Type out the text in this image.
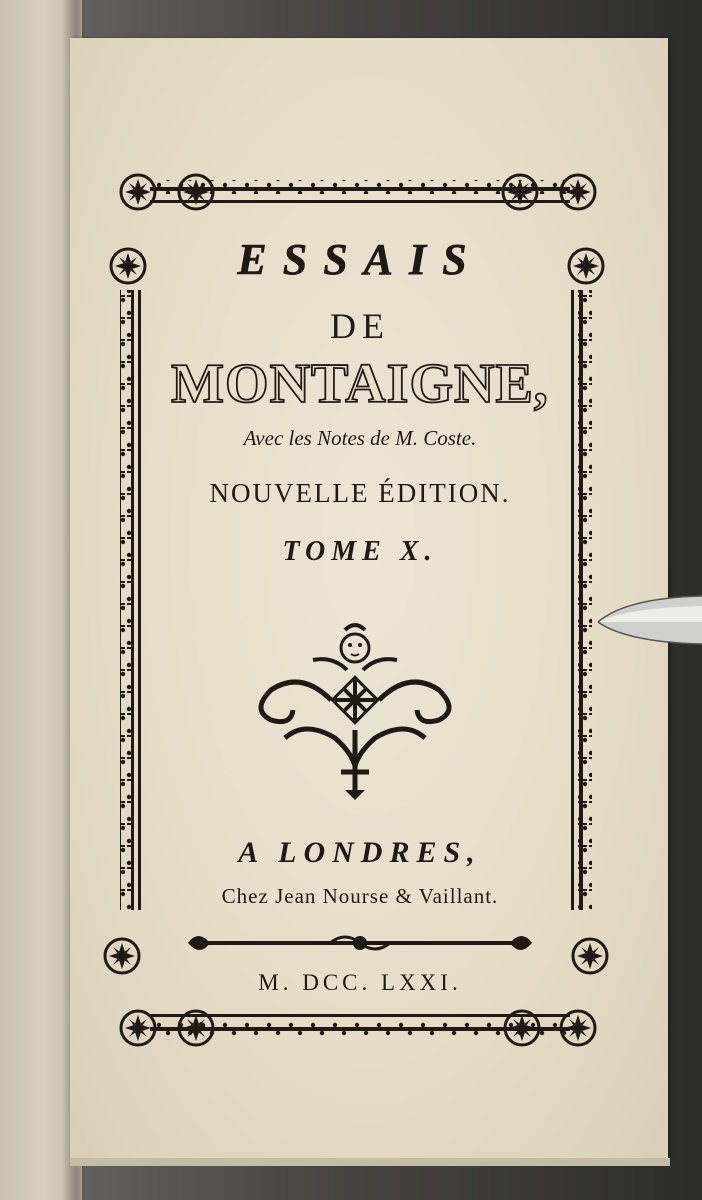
ESSAIS

DE

MONTAIGNE,

Avec les Notes de M. Coste.

NOUVELLE ÉDITION.

TOME X.

A LONDRES,

Chez Jean Nourse & Vaillant.

M. DCC. LXXI.
